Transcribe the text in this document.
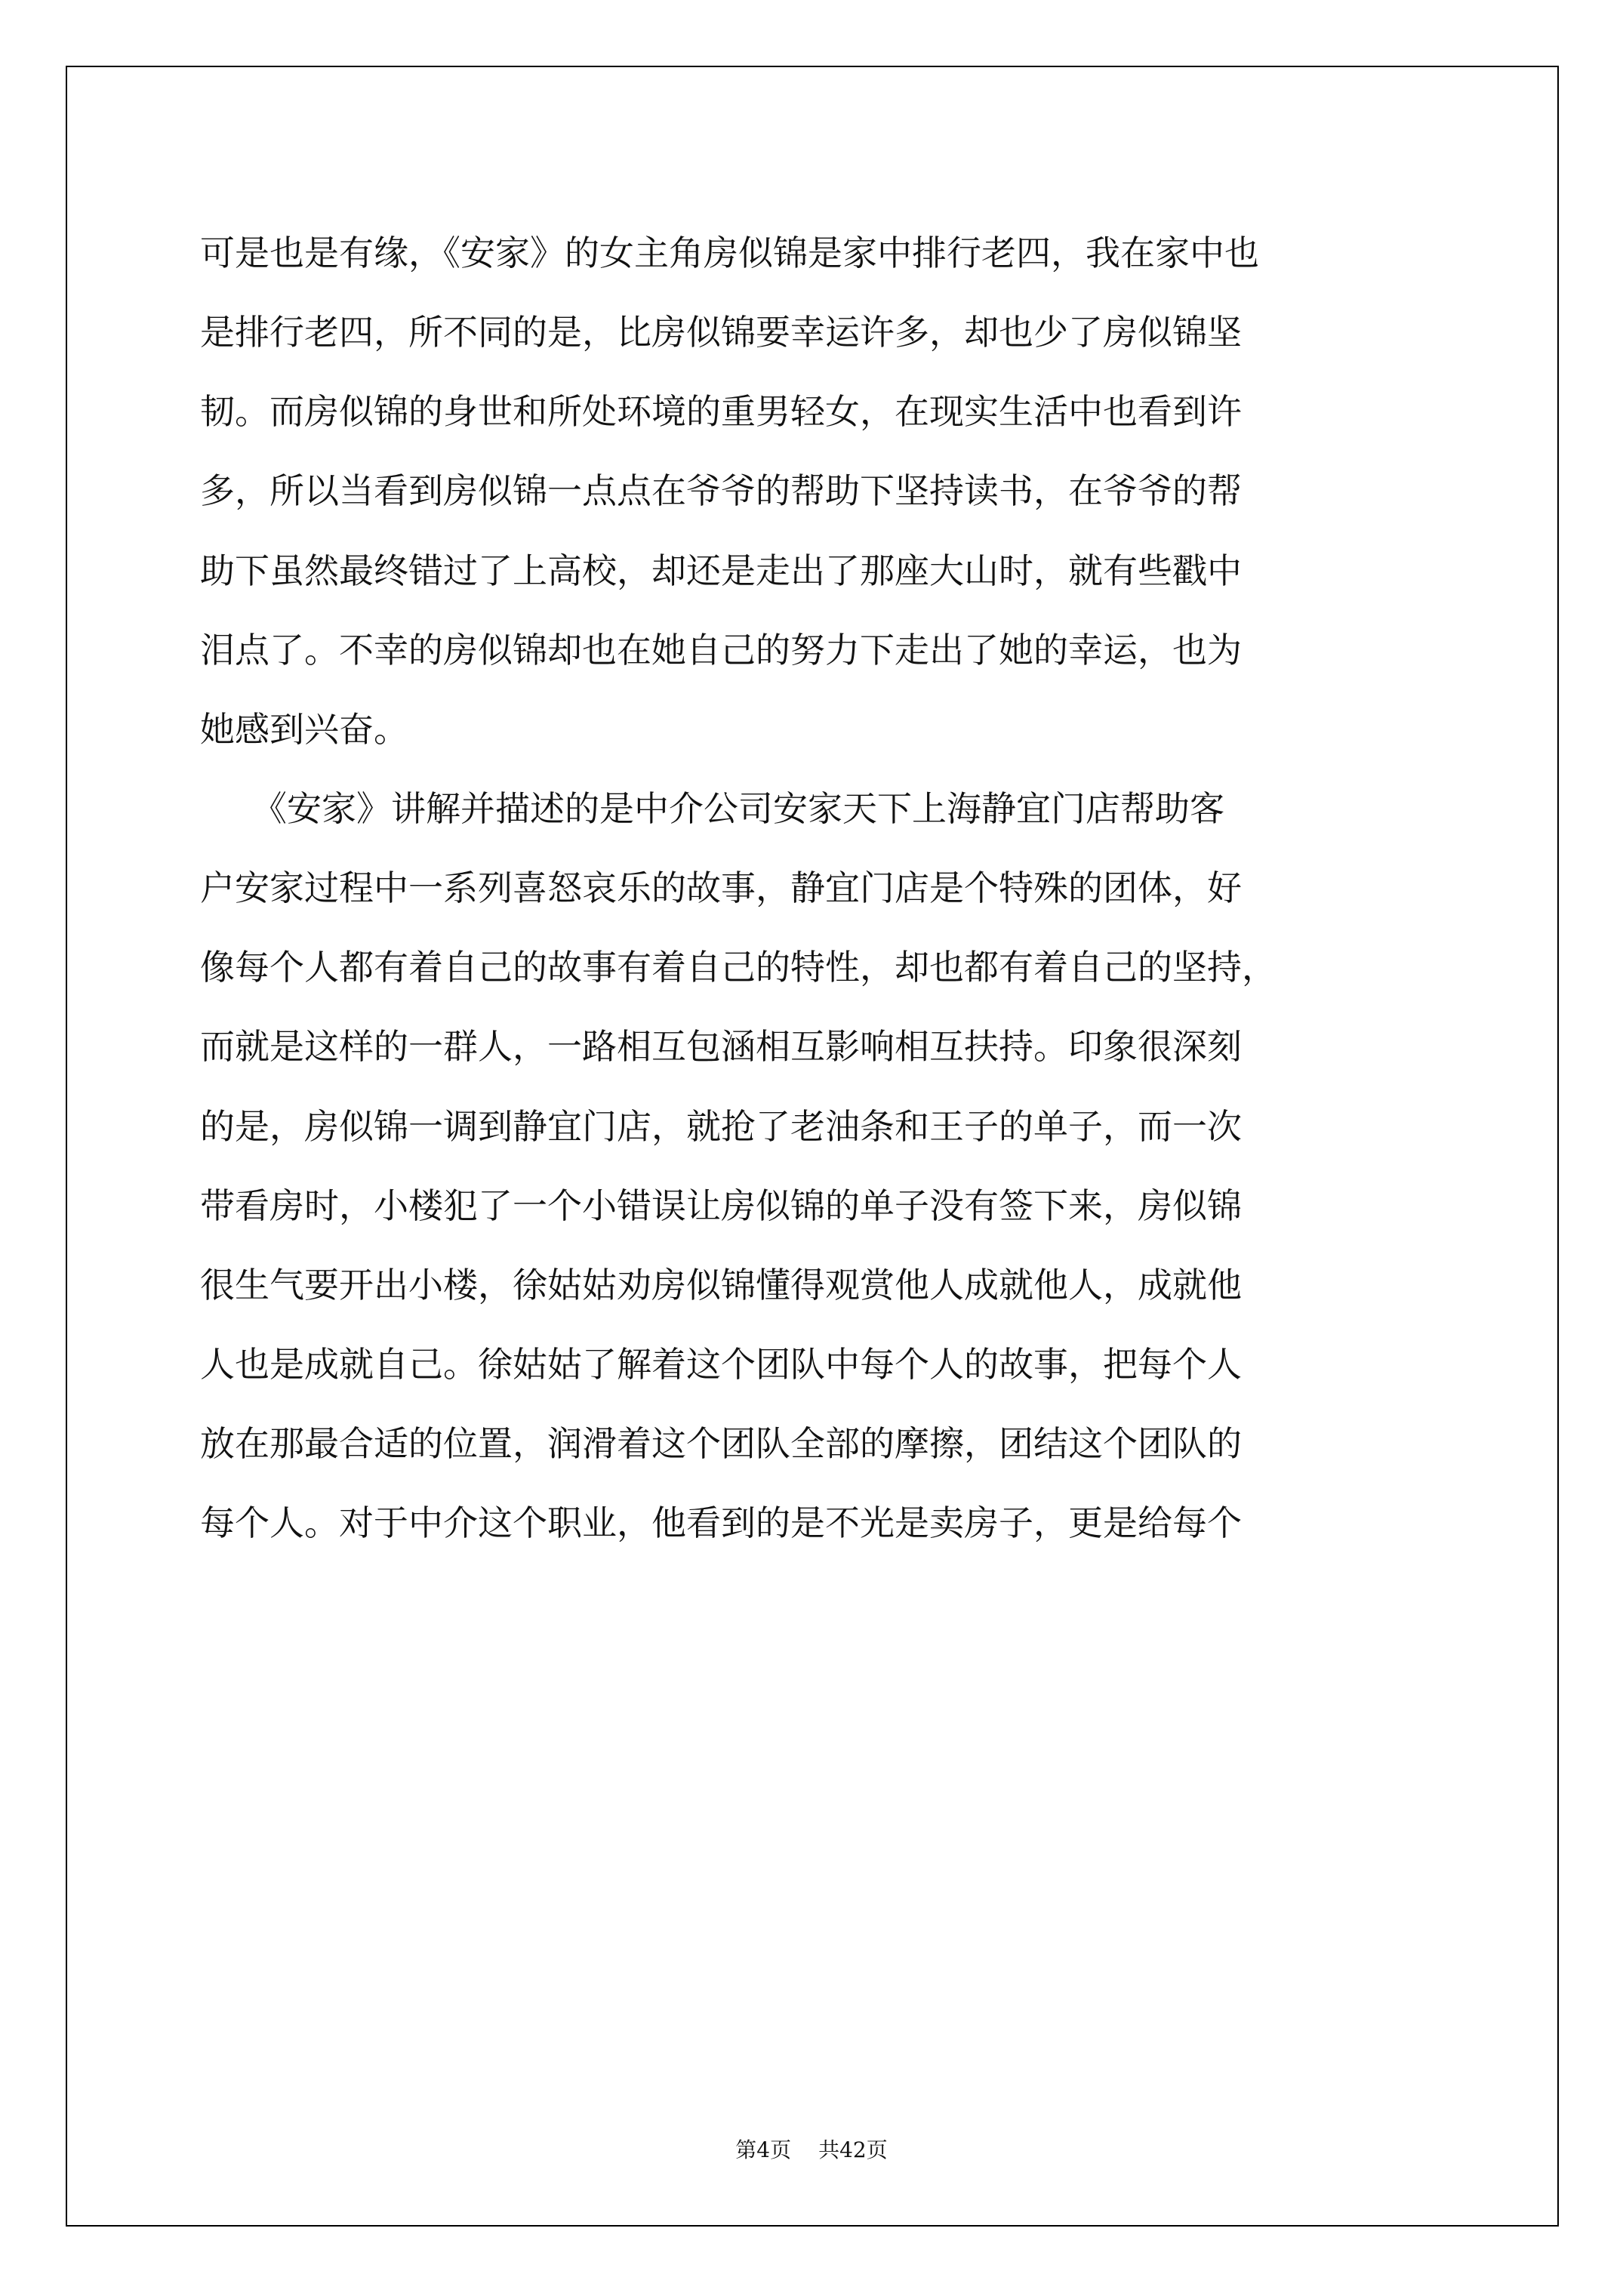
可是也是有缘，《安家》的女主角房似锦是家中排行老四，我在家中也
是排行老四，所不同的是，比房似锦要幸运许多，却也少了房似锦坚
韧。而房似锦的身世和所处环境的重男轻女，在现实生活中也看到许
多，所以当看到房似锦一点点在爷爷的帮助下坚持读书，在爷爷的帮
助下虽然最终错过了上高校，却还是走出了那座大山时，就有些戳中
泪点了。不幸的房似锦却也在她自己的努力下走出了她的幸运，也为
她感到兴奋。
　　《安家》讲解并描述的是中介公司安家天下上海静宜门店帮助客
户安家过程中一系列喜怒哀乐的故事，静宜门店是个特殊的团体，好
像每个人都有着自己的故事有着自己的特性，却也都有着自己的坚持，
而就是这样的一群人，一路相互包涵相互影响相互扶持。印象很深刻
的是，房似锦一调到静宜门店，就抢了老油条和王子的单子，而一次
带看房时，小楼犯了一个小错误让房似锦的单子没有签下来，房似锦
很生气要开出小楼，徐姑姑劝房似锦懂得观赏他人成就他人，成就他
人也是成就自己。徐姑姑了解着这个团队中每个人的故事，把每个人
放在那最合适的位置，润滑着这个团队全部的摩擦，团结这个团队的
每个人。对于中介这个职业，他看到的是不光是卖房子，更是给每个
第4页 共42页
